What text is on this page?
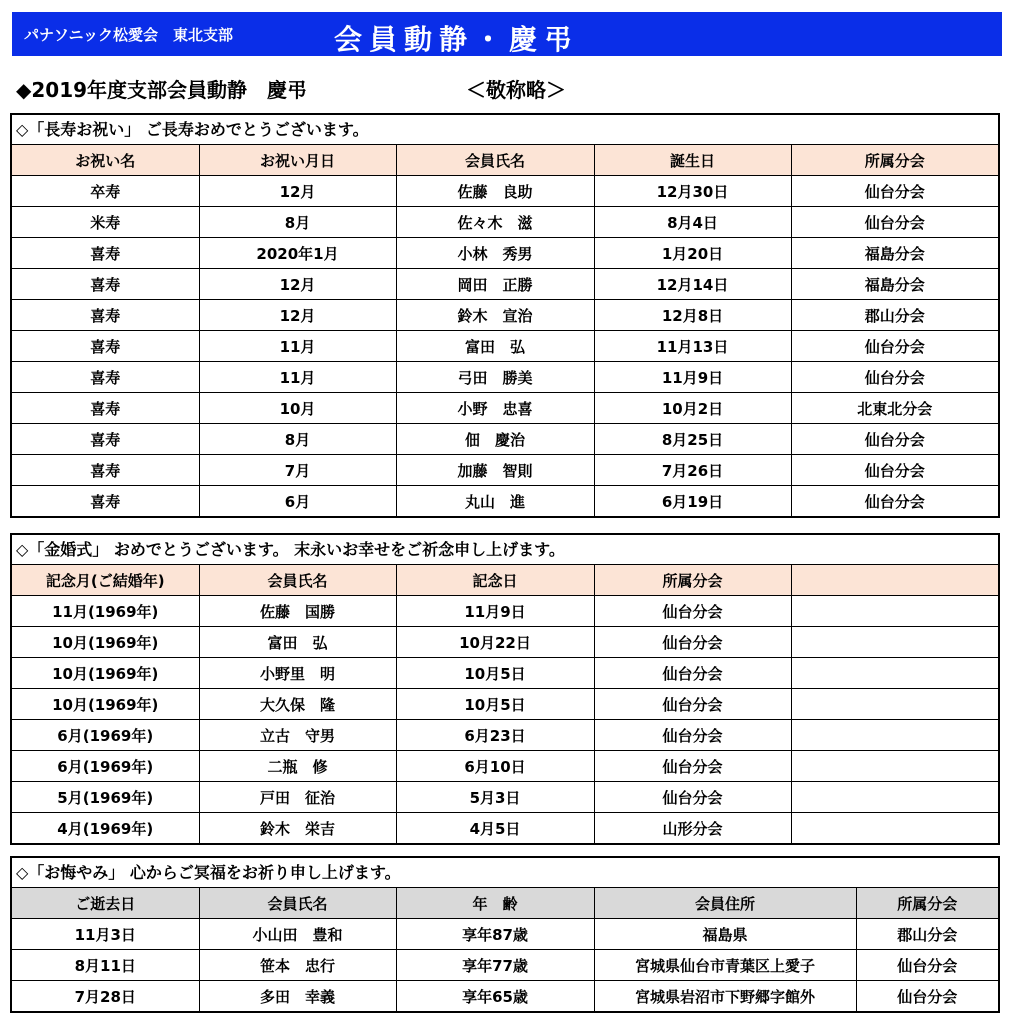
パナソニック松愛会　東北支部	会員動静・慶弔
◆2019年度支部会員動静　慶弔	＜敬称略＞
◇「長寿お祝い」 ご長寿おめでとうございます。
お祝い名	お祝い月日	会員氏名	誕生日	所属分会
卒寿	12月	佐藤　良助	12月30日	仙台分会
米寿	8月	佐々木　滋	8月4日	仙台分会
喜寿	2020年1月	小林　秀男	1月20日	福島分会
喜寿	12月	岡田　正勝	12月14日	福島分会
喜寿	12月	鈴木　宣治	12月8日	郡山分会
喜寿	11月	富田　弘	11月13日	仙台分会
喜寿	11月	弓田　勝美	11月9日	仙台分会
喜寿	10月	小野　忠喜	10月2日	北東北分会
喜寿	8月	佃　慶治	8月25日	仙台分会
喜寿	7月	加藤　智則	7月26日	仙台分会
喜寿	6月	丸山　進	6月19日	仙台分会
◇「金婚式」 おめでとうございます。 末永いお幸せをご祈念申し上げます。
記念月(ご結婚年)	会員氏名	記念日	所属分会	
11月(1969年)	佐藤　国勝	11月9日	仙台分会	
10月(1969年)	富田　弘	10月22日	仙台分会	
10月(1969年)	小野里　明	10月5日	仙台分会	
10月(1969年)	大久保　隆	10月5日	仙台分会	
6月(1969年)	立古　守男	6月23日	仙台分会	
6月(1969年)	二瓶　修	6月10日	仙台分会	
5月(1969年)	戸田　征治	5月3日	仙台分会	
4月(1969年)	鈴木　栄吉	4月5日	山形分会	
◇「お悔やみ」 心からご冥福をお祈り申し上げます。
ご逝去日	会員氏名	年　齢	会員住所	所属分会
11月3日	小山田　豊和	享年87歳	福島県	郡山分会
8月11日	笹本　忠行	享年77歳	宮城県仙台市青葉区上愛子	仙台分会
7月28日	多田　幸義	享年65歳	宮城県岩沼市下野郷字館外	仙台分会
